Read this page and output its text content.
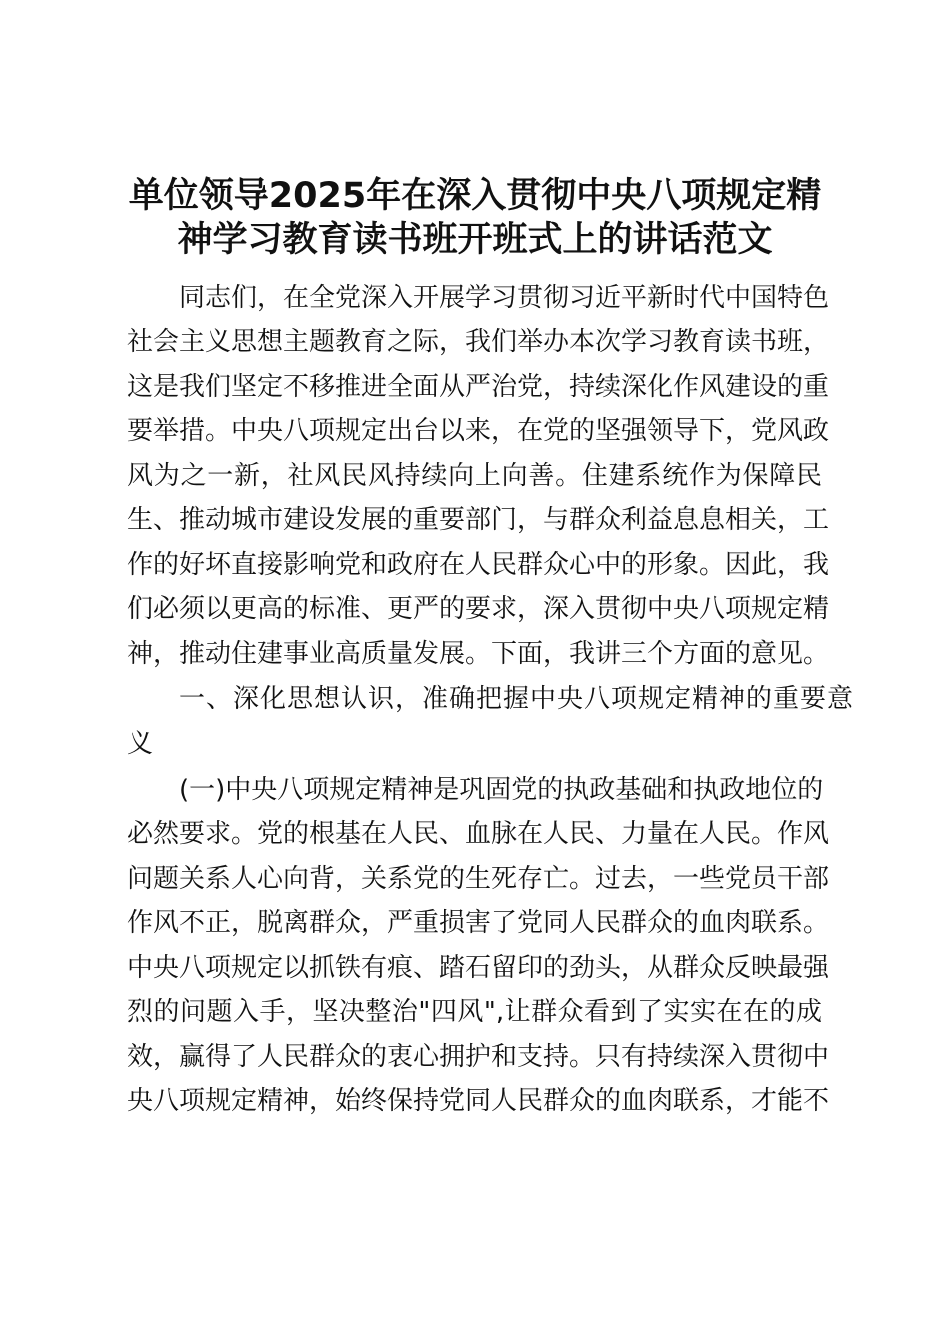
单位领导2025年在深入贯彻中央八项规定精
神学习教育读书班开班式上的讲话范文
同志们，在全党深入开展学习贯彻习近平新时代中国特色
社会主义思想主题教育之际，我们举办本次学习教育读书班，
这是我们坚定不移推进全面从严治党，持续深化作风建设的重
要举措。中央八项规定出台以来，在党的坚强领导下，党风政
风为之一新，社风民风持续向上向善。住建系统作为保障民
生、推动城市建设发展的重要部门，与群众利益息息相关，工
作的好坏直接影响党和政府在人民群众心中的形象。因此，我
们必须以更高的标准、更严的要求，深入贯彻中央八项规定精
神，推动住建事业高质量发展。下面，我讲三个方面的意见。
一、深化思想认识，准确把握中央八项规定精神的重要意
义
(一)中央八项规定精神是巩固党的执政基础和执政地位的
必然要求。党的根基在人民、血脉在人民、力量在人民。作风
问题关系人心向背，关系党的生死存亡。过去，一些党员干部
作风不正，脱离群众，严重损害了党同人民群众的血肉联系。
中央八项规定以抓铁有痕、踏石留印的劲头，从群众反映最强
烈的问题入手，坚决整治"四风",让群众看到了实实在在的成
效，赢得了人民群众的衷心拥护和支持。只有持续深入贯彻中
央八项规定精神，始终保持党同人民群众的血肉联系，才能不
